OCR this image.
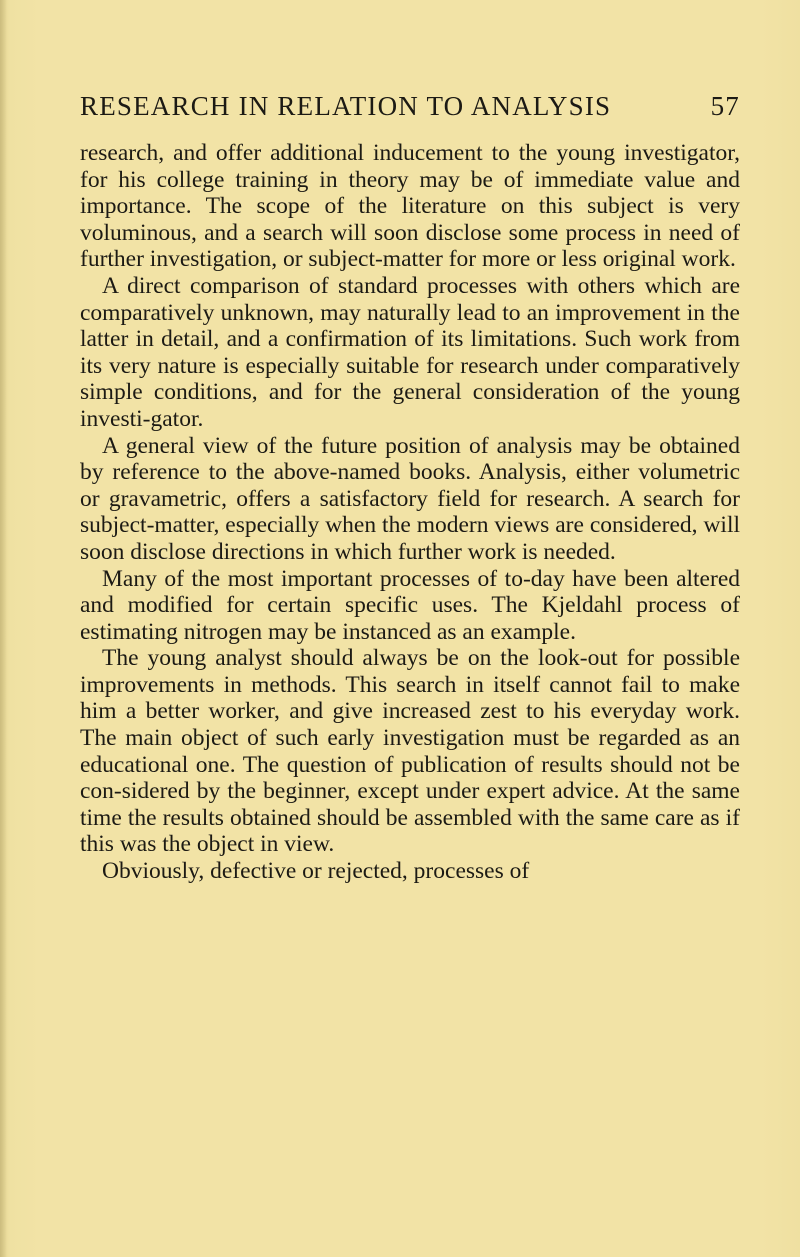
RESEARCH IN RELATION TO ANALYSIS	57

research, and offer additional inducement to the young investigator, for his college training in theory may be of immediate value and importance. The scope of the literature on this subject is very voluminous, and a search will soon disclose some process in need of further investigation, or subject-matter for more or less original work.

A direct comparison of standard processes with others which are comparatively unknown, may naturally lead to an improvement in the latter in detail, and a confirmation of its limitations. Such work from its very nature is especially suitable for research under comparatively simple conditions, and for the general consideration of the young investi-gator.

A general view of the future position of analysis may be obtained by reference to the above-named books. Analysis, either volumetric or gravametric, offers a satisfactory field for research. A search for subject-matter, especially when the modern views are considered, will soon disclose directions in which further work is needed.

Many of the most important processes of to-day have been altered and modified for certain specific uses. The Kjeldahl process of estimating nitrogen may be instanced as an example.

The young analyst should always be on the look-out for possible improvements in methods. This search in itself cannot fail to make him a better worker, and give increased zest to his everyday work. The main object of such early investigation must be regarded as an educational one. The question of publication of results should not be con-sidered by the beginner, except under expert advice. At the same time the results obtained should be assembled with the same care as if this was the object in view.

Obviously, defective or rejected, processes of
